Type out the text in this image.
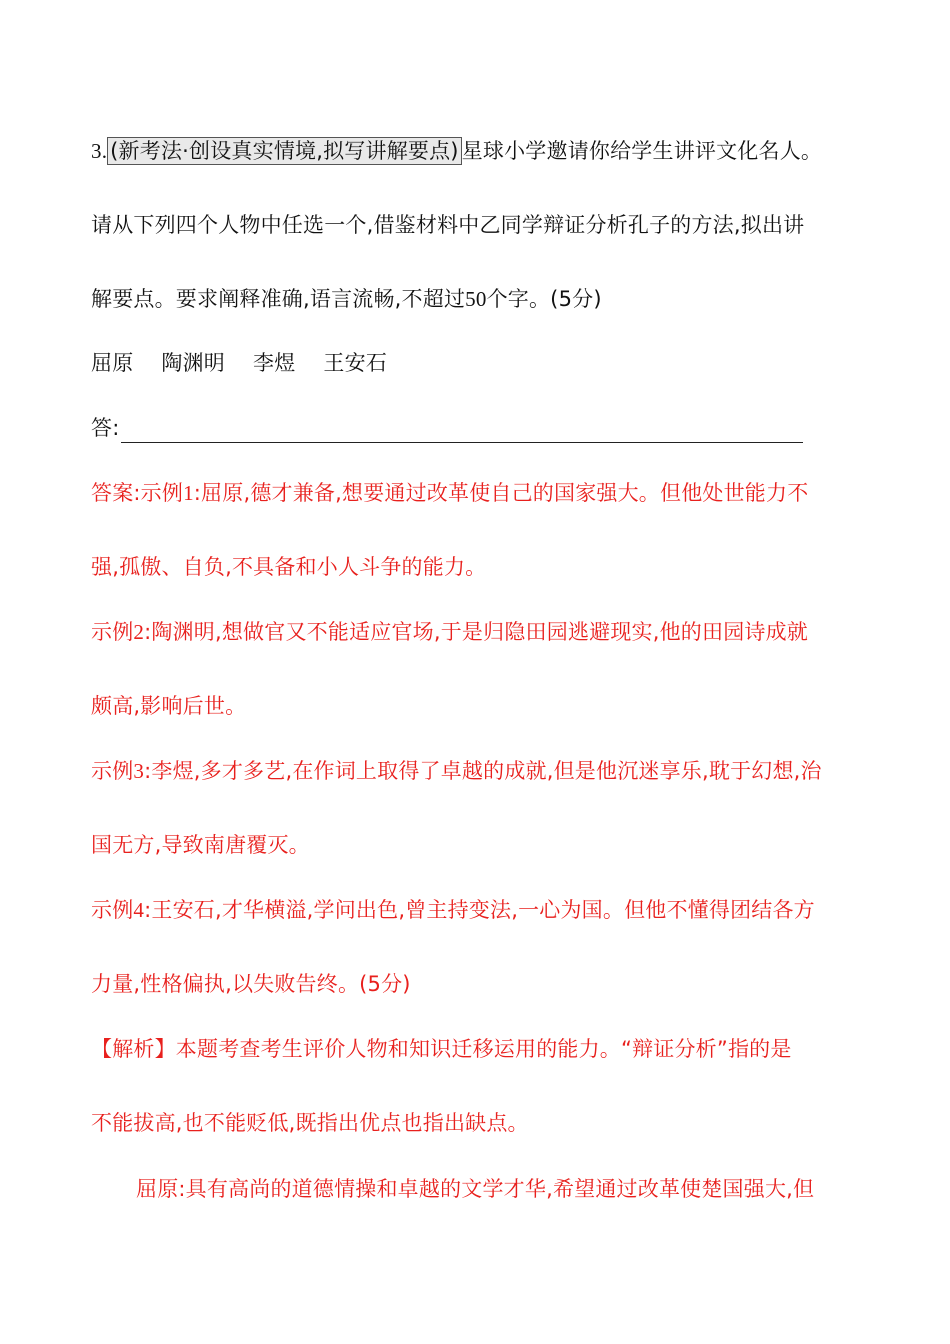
3. (新考法·创设真实情境,拟写讲解要点) 星球小学邀请你给学生讲评文化名人。
请从下列四个人物中任选一个,借鉴材料中乙同学辩证分析孔子的方法,拟出讲
解要点。要求阐释准确,语言流畅,不超过50个字。(5分)
屈原 陶渊明 李煜 王安石
答:
答案:示例1:屈原,德才兼备,想要通过改革使自己的国家强大。但他处世能力不
强,孤傲、自负,不具备和小人斗争的能力。
示例2:陶渊明,想做官又不能适应官场,于是归隐田园逃避现实,他的田园诗成就
颇高,影响后世。
示例3:李煜,多才多艺,在作词上取得了卓越的成就,但是他沉迷享乐,耽于幻想,治
国无方,导致南唐覆灭。
示例4:王安石,才华横溢,学问出色,曾主持变法,一心为国。但他不懂得团结各方
力量,性格偏执,以失败告终。(5分)
【解析】本题考查考生评价人物和知识迁移运用的能力。“辩证分析”指的是
不能拔高,也不能贬低,既指出优点也指出缺点。
屈原:具有高尚的道德情操和卓越的文学才华,希望通过改革使楚国强大,但
